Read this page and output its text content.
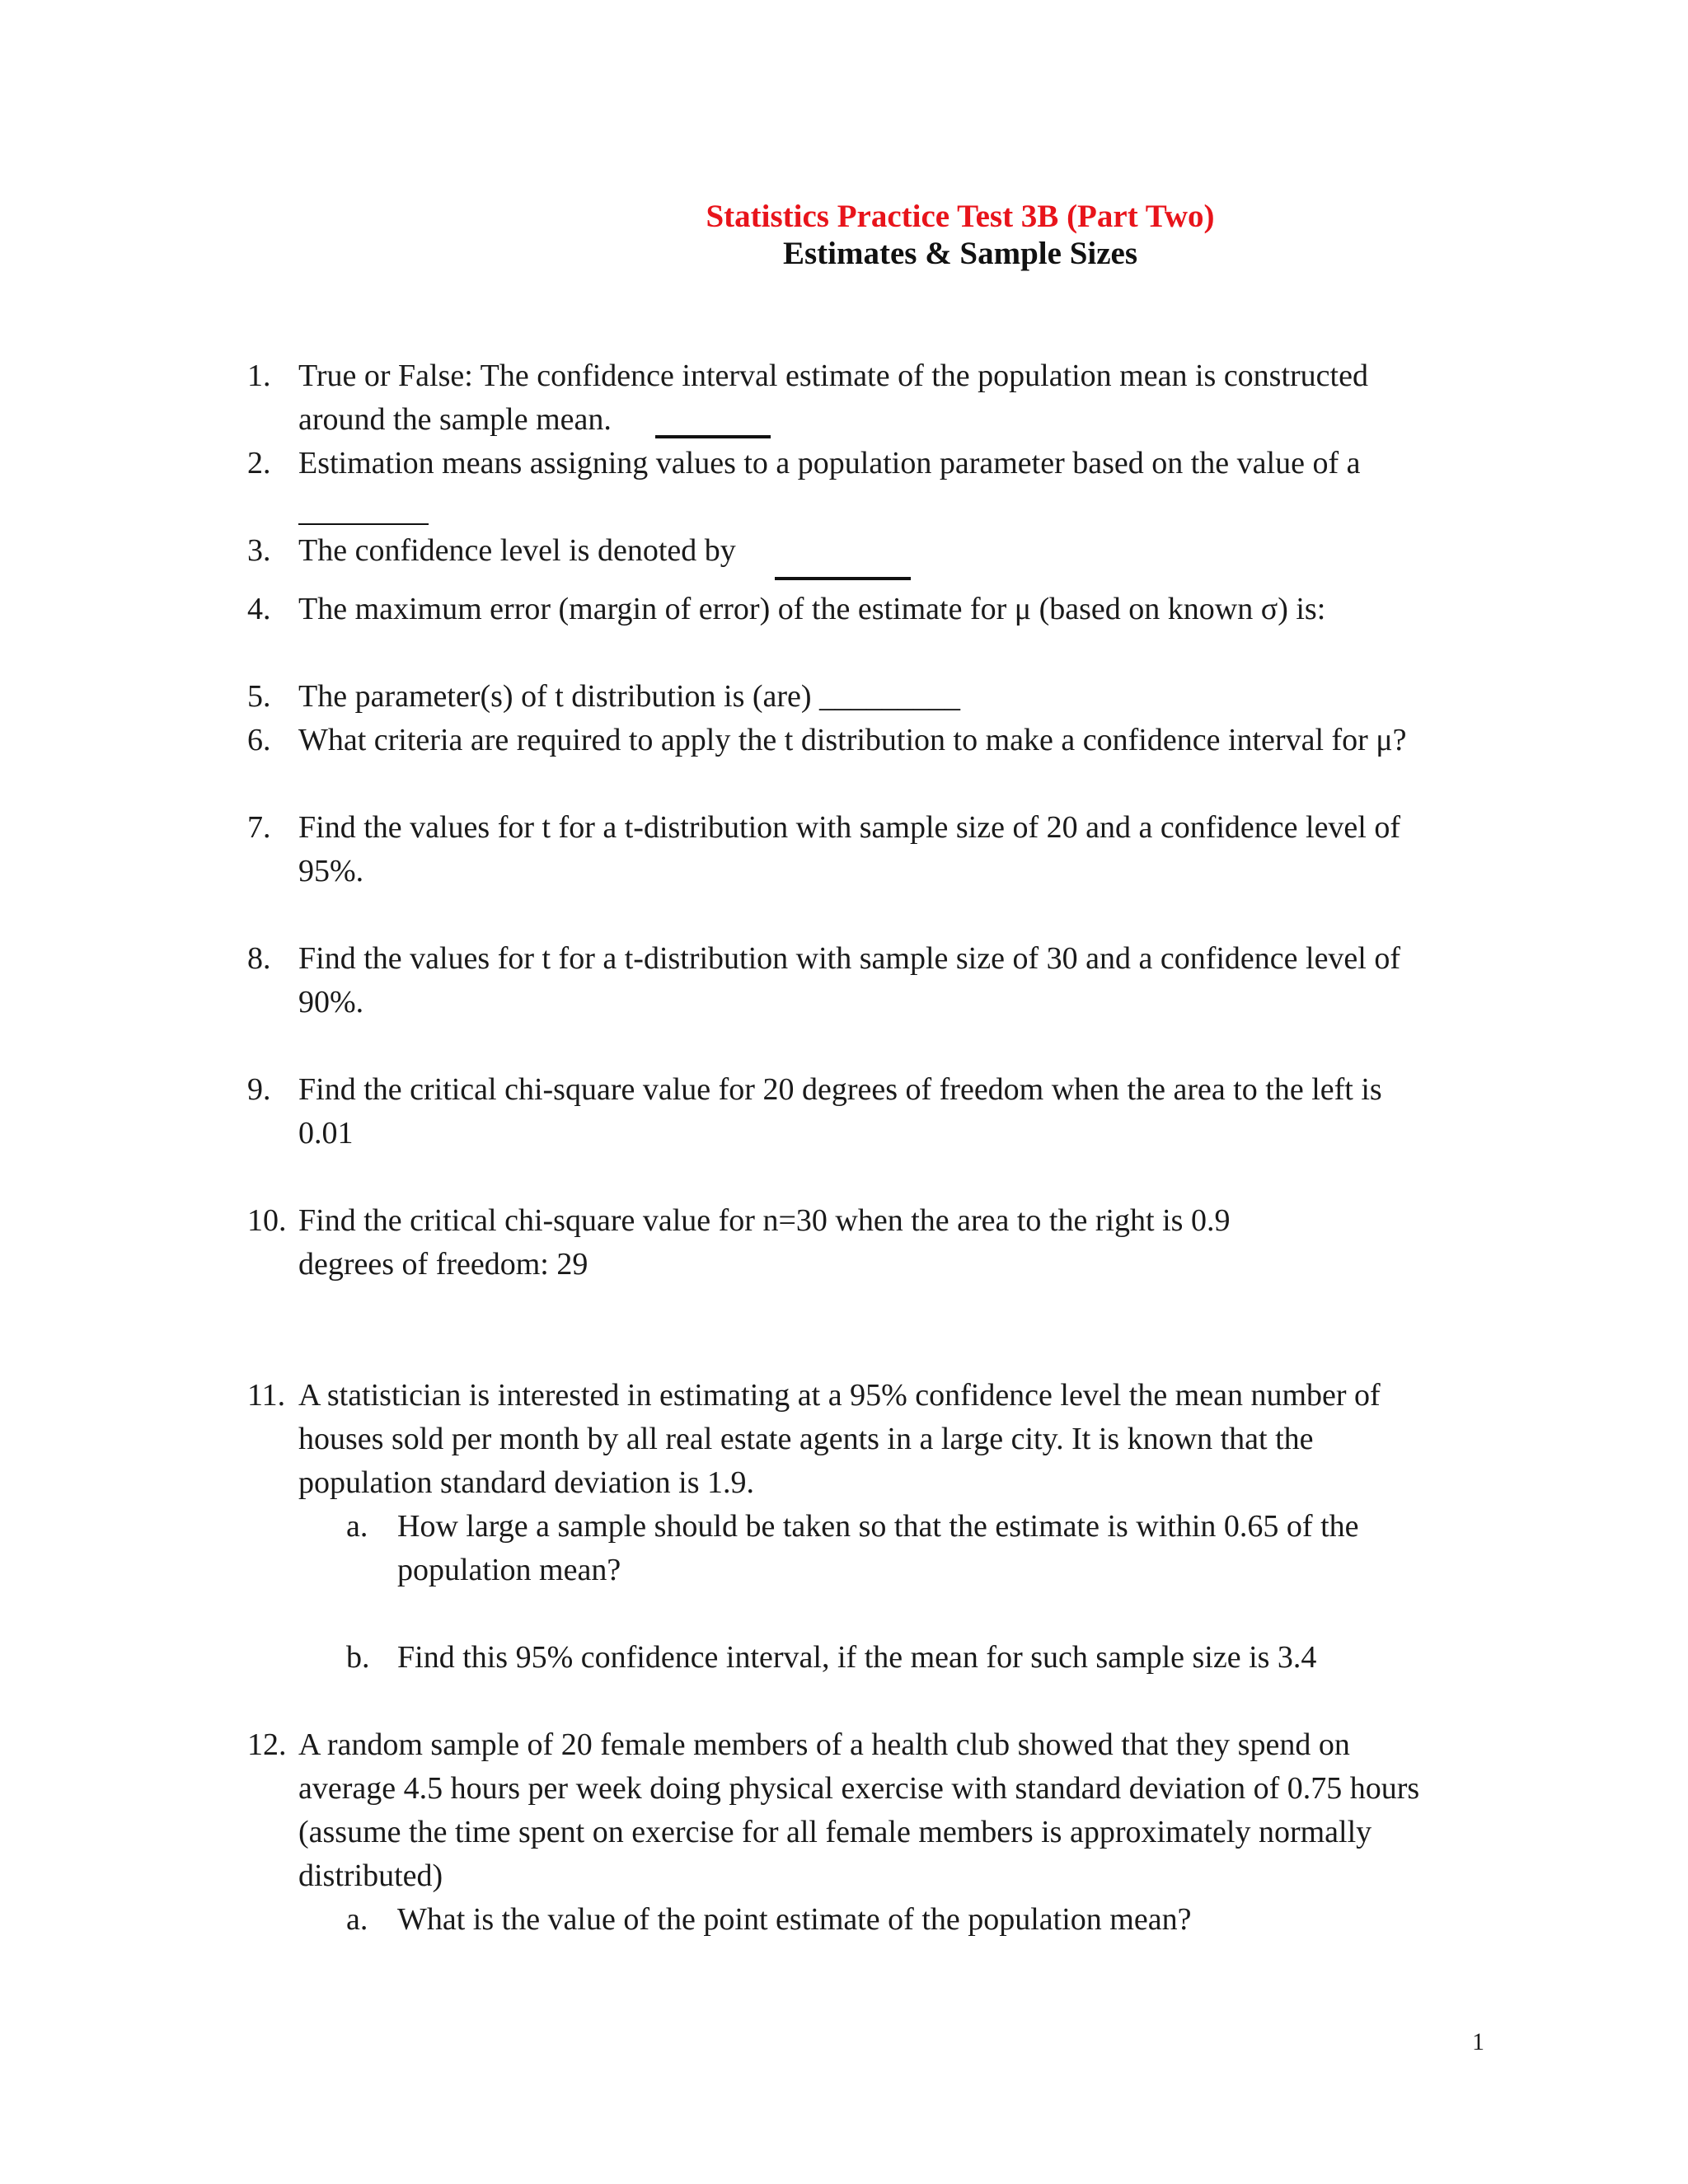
Statistics Practice Test 3B (Part Two)
Estimates & Sample Sizes
1. True or False: The confidence interval estimate of the population mean is constructed
around the sample mean.
2. Estimation means assigning values to a population parameter based on the value of a
3. The confidence level is denoted by
4. The maximum error (margin of error) of the estimate for μ (based on known σ) is:
5. The parameter(s) of t distribution is (are) _________
6. What criteria are required to apply the t distribution to make a confidence interval for μ?
7. Find the values for t for a t-distribution with sample size of 20 and a confidence level of
95%.
8. Find the values for t for a t-distribution with sample size of 30 and a confidence level of
90%.
9. Find the critical chi-square value for 20 degrees of freedom when the area to the left is
0.01
10. Find the critical chi-square value for n=30 when the area to the right is 0.9
degrees of freedom: 29
11. A statistician is interested in estimating at a 95% confidence level the mean number of
houses sold per month by all real estate agents in a large city. It is known that the
population standard deviation is 1.9.
a. How large a sample should be taken so that the estimate is within 0.65 of the
population mean?
b. Find this 95% confidence interval, if the mean for such sample size is 3.4
12. A random sample of 20 female members of a health club showed that they spend on
average 4.5 hours per week doing physical exercise with standard deviation of 0.75 hours
(assume the time spent on exercise for all female members is approximately normally
distributed)
a. What is the value of the point estimate of the population mean?
1
